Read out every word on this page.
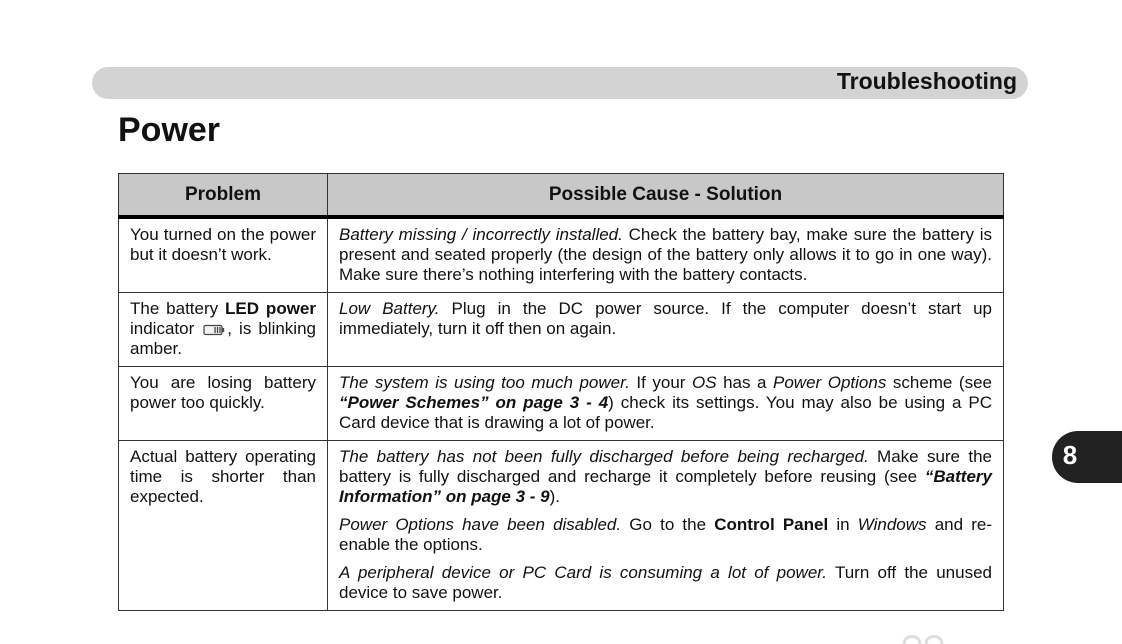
Troubleshooting
Power
Problem	Possible Cause - Solution
You turned on the power but it doesn’t work.	Battery missing / incorrectly installed. Check the battery bay, make sure the battery is present and seated properly (the design of the battery only allows it to go in one way). Make sure there’s nothing interfering with the battery contacts.

The battery LED power indicator , is blinking amber.	Low Battery. Plug in the DC power source. If the computer doesn’t start up immediately, turn it off then on again.

You are losing battery power too quickly.	The system is using too much power. If your OS has a Power Options scheme (see “Power Schemes” on page 3 - 4) check its settings. You may also be using a PC Card device that is drawing a lot of power.

Actual battery operating time is shorter than expected.	The battery has not been fully discharged before being recharged. Make sure the battery is fully discharged and recharge it completely before reusing (see “Battery Information” on page 3 - 9).

Power Options have been disabled. Go to the Control Panel in Windows and re-enable the options.

A peripheral device or PC Card is consuming a lot of power. Turn off the unused device to save power.

8
